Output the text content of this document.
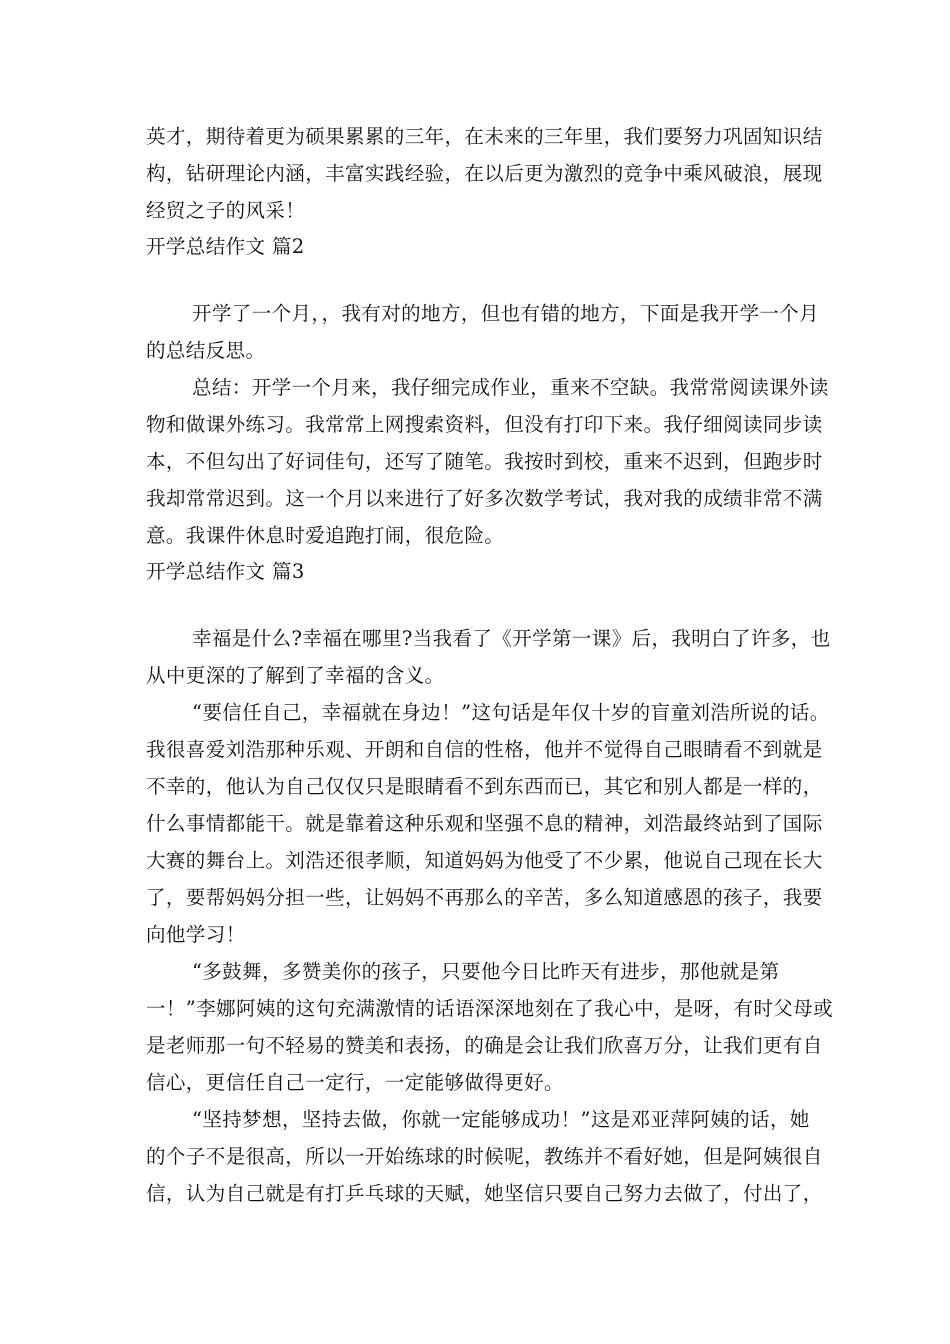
英才，期待着更为硕果累累的三年，在未来的三年里，我们要努力巩固知识结
构，钻研理论内涵，丰富实践经验，在以后更为激烈的竞争中乘风破浪，展现
经贸之子的风采！
开学总结作文 篇2
开学了一个月，，我有对的地方，但也有错的地方，下面是我开学一个月
的总结反思。
总结：开学一个月来，我仔细完成作业，重来不空缺。我常常阅读课外读
物和做课外练习。我常常上网搜索资料，但没有打印下来。我仔细阅读同步读
本，不但勾出了好词佳句，还写了随笔。我按时到校，重来不迟到，但跑步时
我却常常迟到。这一个月以来进行了好多次数学考试，我对我的成绩非常不满
意。我课件休息时爱追跑打闹，很危险。
开学总结作文 篇3
幸福是什么?幸福在哪里?当我看了《开学第一课》后，我明白了许多，也
从中更深的了解到了幸福的含义。
“要信任自己，幸福就在身边！”这句话是年仅十岁的盲童刘浩所说的话。
我很喜爱刘浩那种乐观、开朗和自信的性格，他并不觉得自己眼睛看不到就是
不幸的，他认为自己仅仅只是眼睛看不到东西而已，其它和别人都是一样的，
什么事情都能干。就是靠着这种乐观和坚强不息的精神，刘浩最终站到了国际
大赛的舞台上。刘浩还很孝顺，知道妈妈为他受了不少累，他说自己现在长大
了，要帮妈妈分担一些，让妈妈不再那么的辛苦，多么知道感恩的孩子，我要
向他学习！
“多鼓舞，多赞美你的孩子，只要他今日比昨天有进步，那他就是第
一！”李娜阿姨的这句充满激情的话语深深地刻在了我心中，是呀，有时父母或
是老师那一句不轻易的赞美和表扬，的确是会让我们欣喜万分，让我们更有自
信心，更信任自己一定行，一定能够做得更好。
“坚持梦想，坚持去做，你就一定能够成功！”这是邓亚萍阿姨的话，她
的个子不是很高，所以一开始练球的时候呢，教练并不看好她，但是阿姨很自
信，认为自己就是有打乒乓球的天赋，她坚信只要自己努力去做了，付出了，
